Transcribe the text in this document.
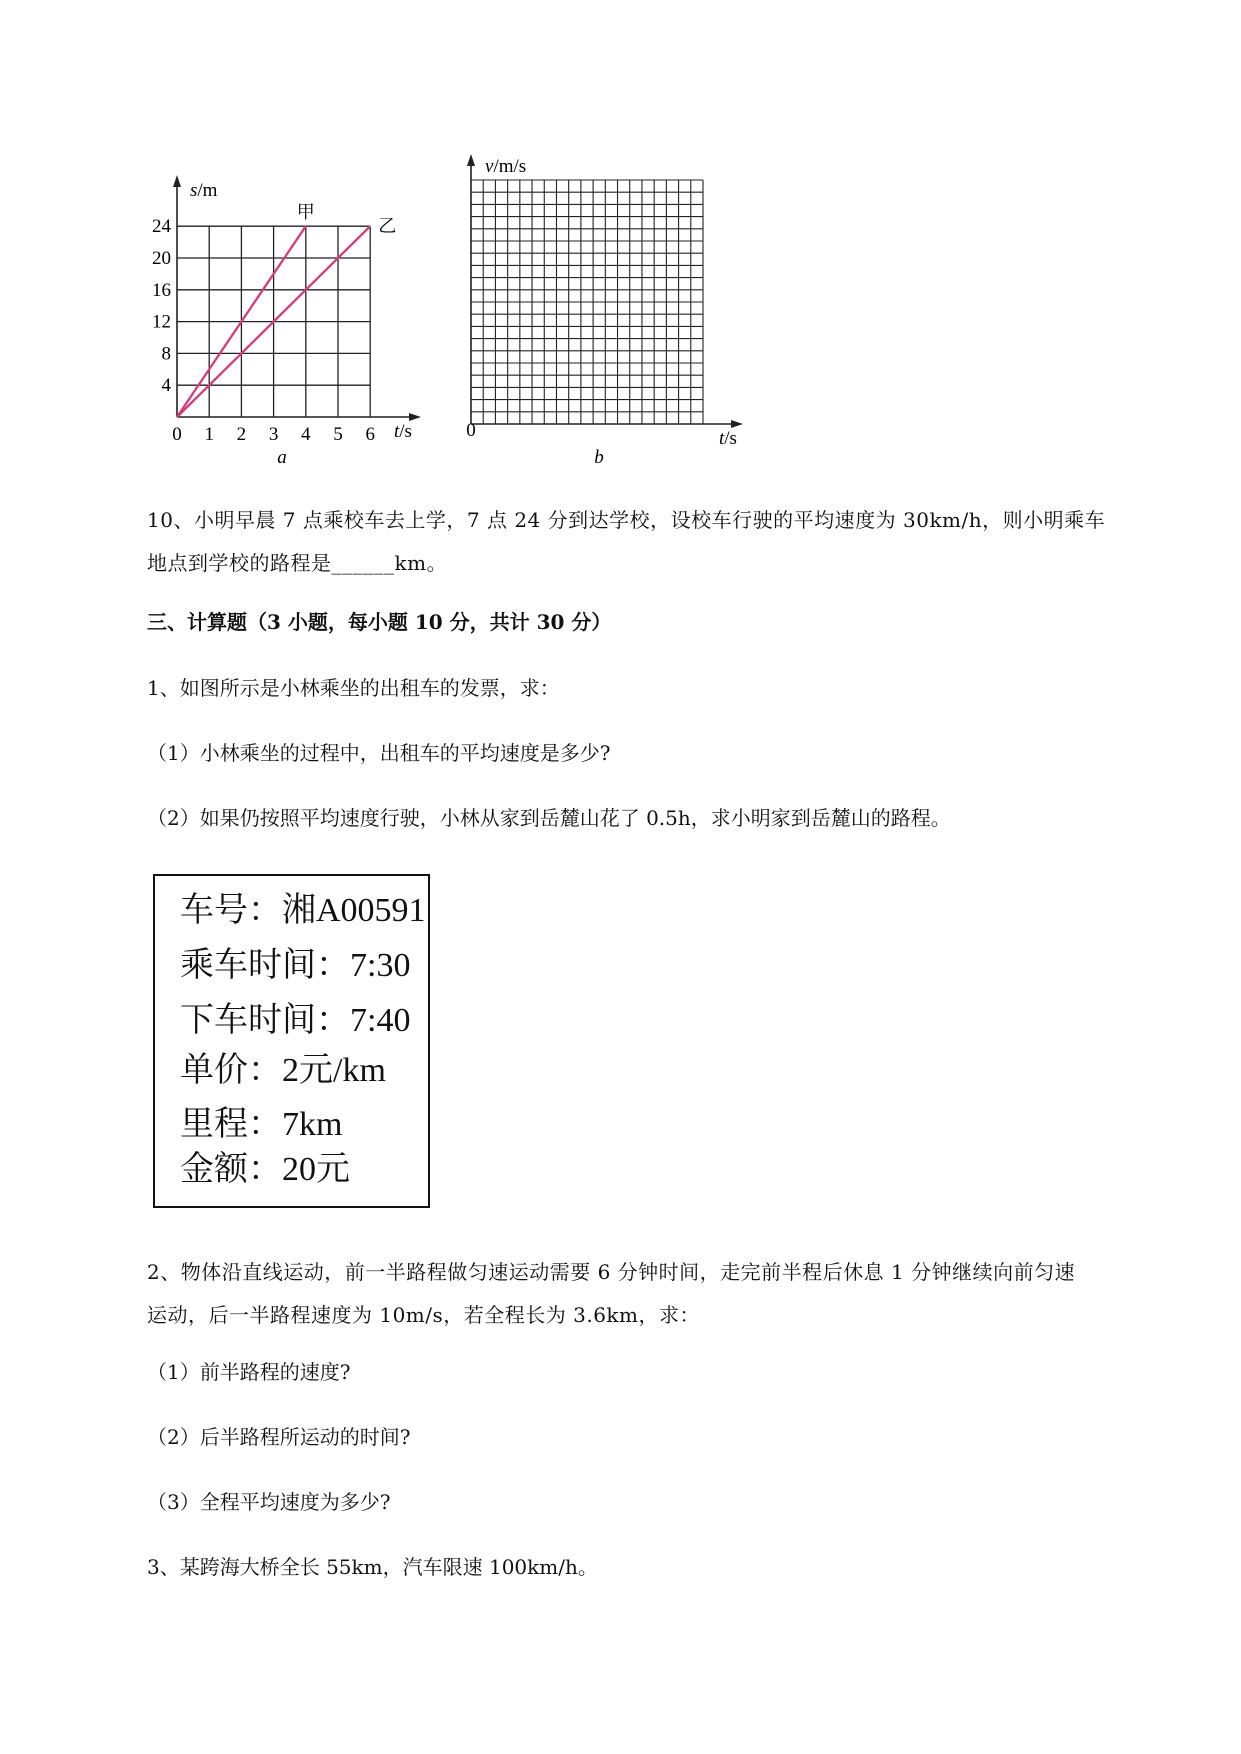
甲
乙
1 2 3 4 5 6
0
4
8
12
16
20
24
s/m
t/s
a
v/m/s
0	t/s
b
10、小明早晨 7 点乘校车去上学，7 点 24 分到达学校，设校车行驶的平均速度为 30km/h，则小明乘车
地点到学校的路程是______km。
三、计算题（3 小题，每小题 10 分，共计 30 分）
1、如图所示是小林乘坐的出租车的发票，求：
（1）小林乘坐的过程中，出租车的平均速度是多少?
（2）如果仍按照平均速度行驶，小林从家到岳麓山花了 0.5h，求小明家到岳麓山的路程。
车号：湘A00591
乘车时间：7:30
下车时间：7:40
单价：2元/km
里程：7km
金额：20元
2、物体沿直线运动，前一半路程做匀速运动需要 6 分钟时间，走完前半程后休息 1 分钟继续向前匀速
运动，后一半路程速度为 10m/s，若全程长为 3.6km，求：
（1）前半路程的速度?
（2）后半路程所运动的时间?
（3）全程平均速度为多少?
3、某跨海大桥全长 55km，汽车限速 100km/h。
